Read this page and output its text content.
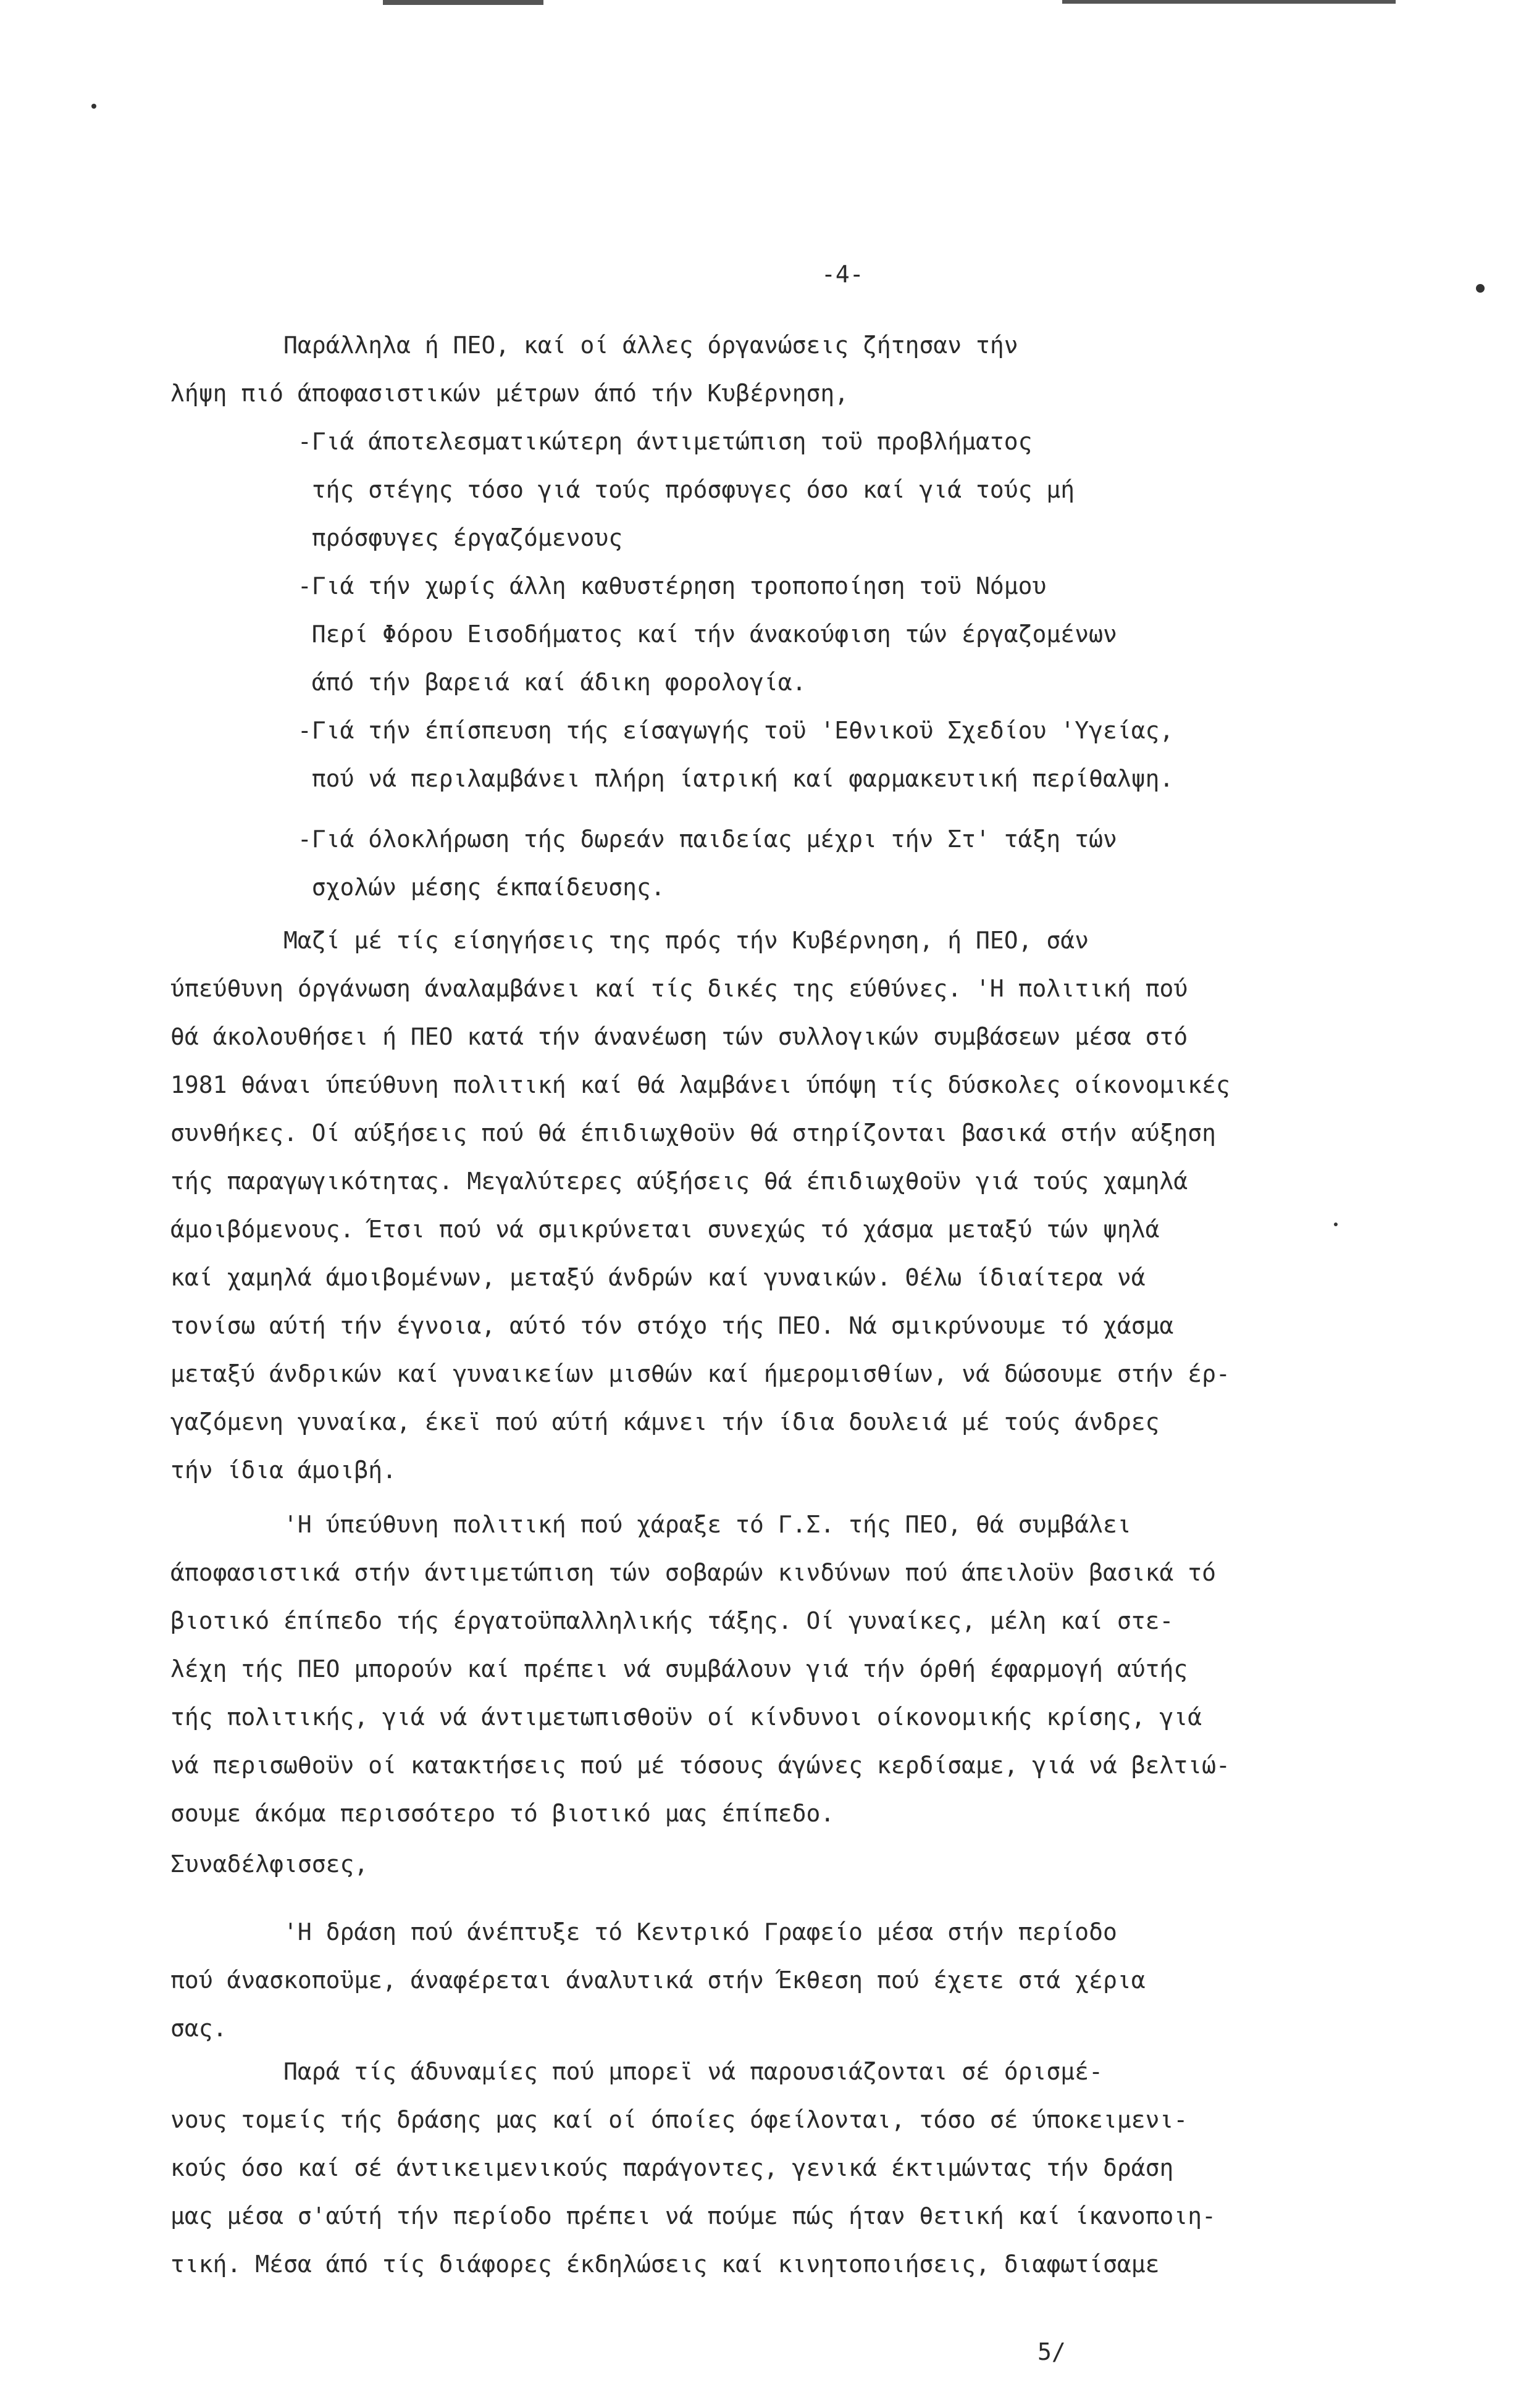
-4-
Παράλληλα ή ΠΕΟ, καί οί άλλες όργανώσεις ζήτησαν τήν
λήψη πιό άποφασιστικών μέτρων άπό τήν Κυβέρνηση,
-Γιά άποτελεσματικώτερη άντιμετώπιση τοϋ προβλήματος
τής στέγης τόσο γιά τούς πρόσφυγες όσο καί γιά τούς μή
πρόσφυγες έργαζόμενους
-Γιά τήν χωρίς άλλη καθυστέρηση τροποποίηση τοϋ Νόμου
Περί Φόρου Εισοδήματος καί τήν άνακούφιση τών έργαζομένων
άπό τήν βαρειά καί άδικη φορολογία.
-Γιά τήν έπίσπευση τής είσαγωγής τοϋ 'Εθνικοϋ Σχεδίου 'Υγείας,
πού νά περιλαμβάνει πλήρη ίατρική καί φαρμακευτική περίθαλψη.
-Γιά όλοκλήρωση τής δωρεάν παιδείας μέχρι τήν Στ' τάξη τών
σχολών μέσης έκπαίδευσης.
Μαζί μέ τίς είσηγήσεις της πρός τήν Κυβέρνηση, ή ΠΕΟ, σάν
ύπεύθυνη όργάνωση άναλαμβάνει καί τίς δικές της εύθύνες. 'Η πολιτική πού
θά άκολουθήσει ή ΠΕΟ κατά τήν άνανέωση τών συλλογικών συμβάσεων μέσα στό
1981 θάναι ύπεύθυνη πολιτική καί θά λαμβάνει ύπόψη τίς δύσκολες οίκονομικές
συνθήκες. Οί αύξήσεις πού θά έπιδιωχθοϋν θά στηρίζονται βασικά στήν αύξηση
τής παραγωγικότητας. Μεγαλύτερες αύξήσεις θά έπιδιωχθοϋν γιά τούς χαμηλά
άμοιβόμενους. Έτσι πού νά σμικρύνεται συνεχώς τό χάσμα μεταξύ τών ψηλά
καί χαμηλά άμοιβομένων, μεταξύ άνδρών καί γυναικών. Θέλω ίδιαίτερα νά
τονίσω αύτή τήν έγνοια, αύτό τόν στόχο τής ΠΕΟ. Νά σμικρύνουμε τό χάσμα
μεταξύ άνδρικών καί γυναικείων μισθών καί ήμερομισθίων, νά δώσουμε στήν έρ-
γαζόμενη γυναίκα, έκεϊ πού αύτή κάμνει τήν ίδια δουλειά μέ τούς άνδρες
τήν ίδια άμοιβή.
'Η ύπεύθυνη πολιτική πού χάραξε τό Γ.Σ. τής ΠΕΟ, θά συμβάλει
άποφασιστικά στήν άντιμετώπιση τών σοβαρών κινδύνων πού άπειλοϋν βασικά τό
βιοτικό έπίπεδο τής έργατοϋπαλληλικής τάξης. Οί γυναίκες, μέλη καί στε-
λέχη τής ΠΕΟ μπορούν καί πρέπει νά συμβάλουν γιά τήν όρθή έφαρμογή αύτής
τής πολιτικής, γιά νά άντιμετωπισθοϋν οί κίνδυνοι οίκονομικής κρίσης, γιά
νά περισωθοϋν οί κατακτήσεις πού μέ τόσους άγώνες κερδίσαμε, γιά νά βελτιώ-
σουμε άκόμα περισσότερο τό βιοτικό μας έπίπεδο.
Συναδέλφισσες,
'Η δράση πού άνέπτυξε τό Κεντρικό Γραφείο μέσα στήν περίοδο
πού άνασκοποϋμε, άναφέρεται άναλυτικά στήν Έκθεση πού έχετε στά χέρια
σας.
Παρά τίς άδυναμίες πού μπορεϊ νά παρουσιάζονται σέ όρισμέ-
νους τομείς τής δράσης μας καί οί όποίες όφείλονται, τόσο σέ ύποκειμενι-
κούς όσο καί σέ άντικειμενικούς παράγοντες, γενικά έκτιμώντας τήν δράση
μας μέσα σ'αύτή τήν περίοδο πρέπει νά πούμε πώς ήταν θετική καί ίκανοποιη-
τική. Μέσα άπό τίς διάφορες έκδηλώσεις καί κινητοποιήσεις, διαφωτίσαμε
5/
